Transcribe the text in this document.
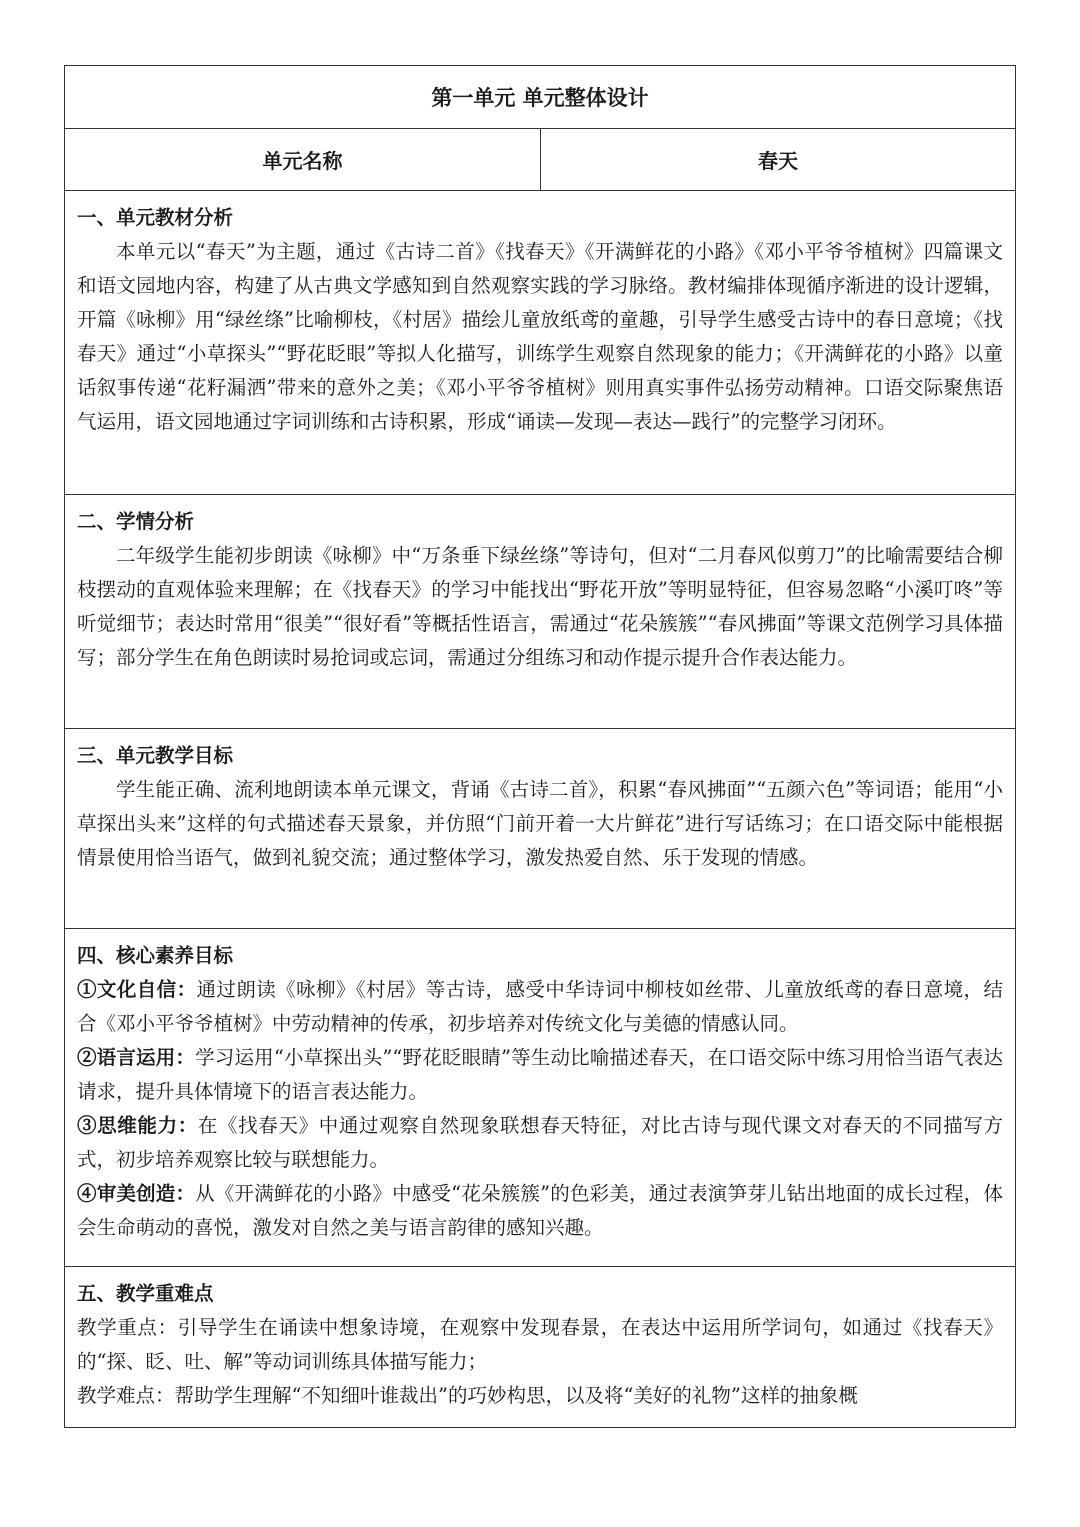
第一单元 单元整体设计
单元名称	春天
一、单元教材分析

本单元以“春天”为主题，通过《古诗二首》《找春天》《开满鲜花的小路》《邓小平爷爷植树》四篇课文和语文园地内容，构建了从古典文学感知到自然观察实践的学习脉络。教材编排体现循序渐进的设计逻辑，开篇《咏柳》用“绿丝绦”比喻柳枝，《村居》描绘儿童放纸鸢的童趣，引导学生感受古诗中的春日意境；《找春天》通过“小草探头”“野花眨眼”等拟人化描写，训练学生观察自然现象的能力；《开满鲜花的小路》以童话叙事传递“花籽漏洒”带来的意外之美；《邓小平爷爷植树》则用真实事件弘扬劳动精神。口语交际聚焦语气运用，语文园地通过字词训练和古诗积累，形成“诵读—发现—表达—践行”的完整学习闭环。

二、学情分析

二年级学生能初步朗读《咏柳》中“万条垂下绿丝绦”等诗句，但对“二月春风似剪刀”的比喻需要结合柳枝摆动的直观体验来理解；在《找春天》的学习中能找出“野花开放”等明显特征，但容易忽略“小溪叮咚”等听觉细节；表达时常用“很美”“很好看”等概括性语言，需通过“花朵簇簇”“春风拂面”等课文范例学习具体描写；部分学生在角色朗读时易抢词或忘词，需通过分组练习和动作提示提升合作表达能力。

三、单元教学目标

学生能正确、流利地朗读本单元课文，背诵《古诗二首》，积累“春风拂面”“五颜六色”等词语；能用“小草探出头来”这样的句式描述春天景象，并仿照“门前开着一大片鲜花”进行写话练习；在口语交际中能根据情景使用恰当语气，做到礼貌交流；通过整体学习，激发热爱自然、乐于发现的情感。

四、核心素养目标

①文化自信：通过朗读《咏柳》《村居》等古诗，感受中华诗词中柳枝如丝带、儿童放纸鸢的春日意境，结合《邓小平爷爷植树》中劳动精神的传承，初步培养对传统文化与美德的情感认同。

②语言运用：学习运用“小草探出头”“野花眨眼睛”等生动比喻描述春天，在口语交际中练习用恰当语气表达请求，提升具体情境下的语言表达能力。

③思维能力：在《找春天》中通过观察自然现象联想春天特征，对比古诗与现代课文对春天的不同描写方式，初步培养观察比较与联想能力。

④审美创造：从《开满鲜花的小路》中感受“花朵簇簇”的色彩美，通过表演笋芽儿钻出地面的成长过程，体会生命萌动的喜悦，激发对自然之美与语言韵律的感知兴趣。

五、教学重难点

教学重点：引导学生在诵读中想象诗境，在观察中发现春景，在表达中运用所学词句，如通过《找春天》的“探、眨、吐、解”等动词训练具体描写能力；

教学难点：帮助学生理解“不知细叶谁裁出”的巧妙构思，以及将“美好的礼物”这样的抽象概
